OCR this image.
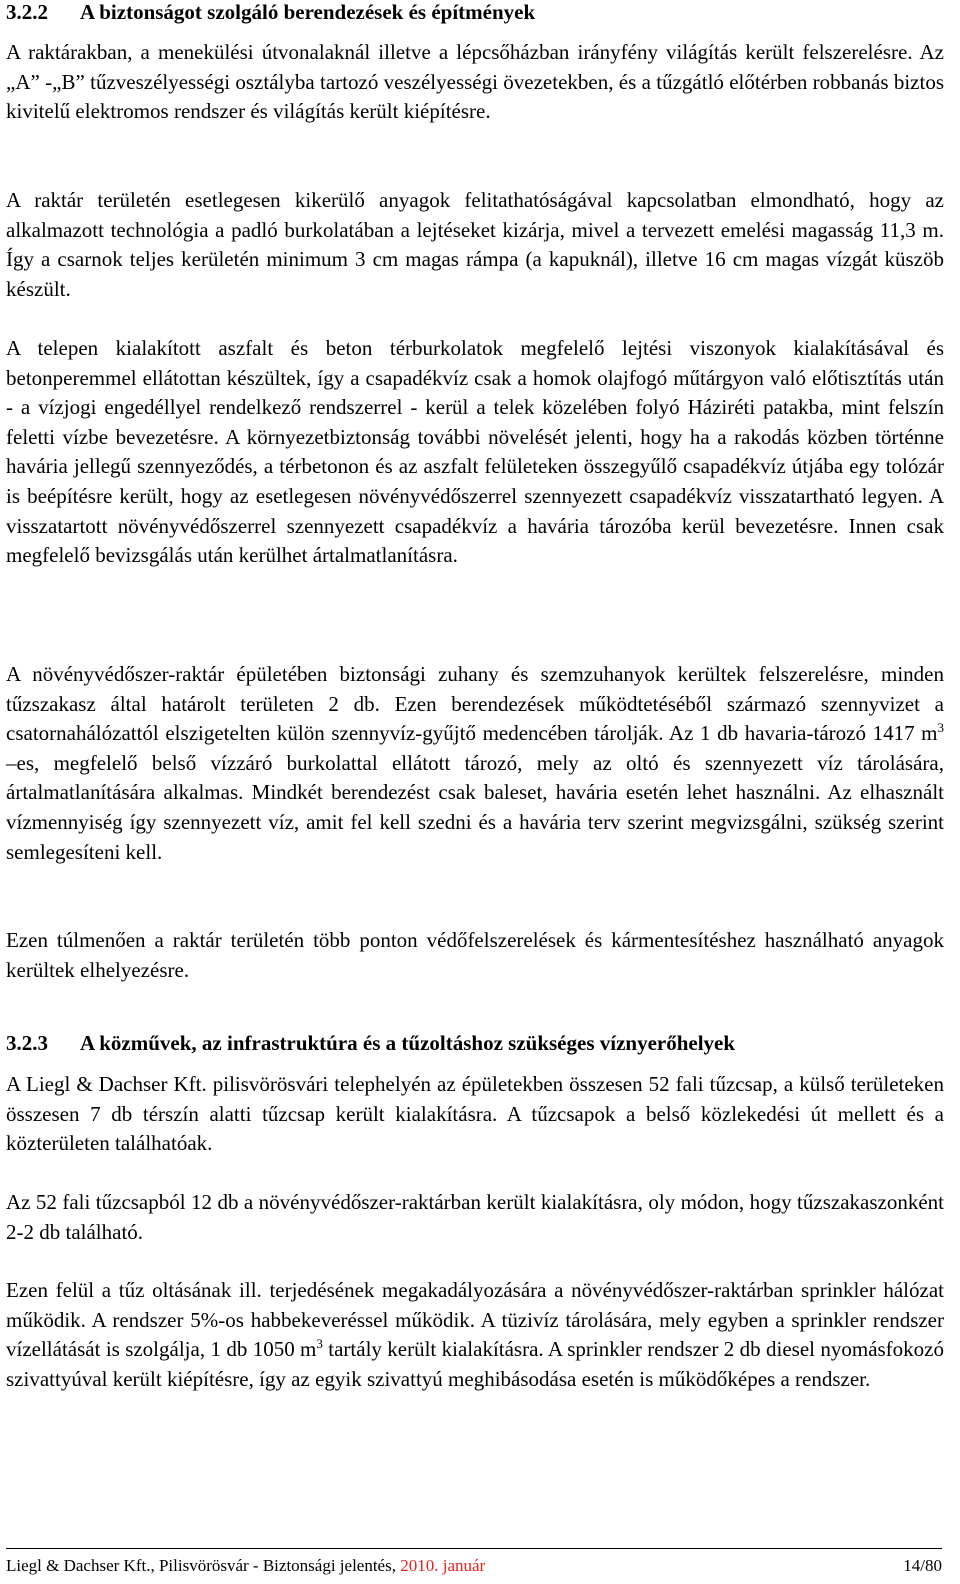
3.2.2 A biztonságot szolgáló berendezések és építmények

A raktárakban, a menekülési útvonalaknál illetve a lépcsőházban irányfény világítás került felszerelésre. Az „A” -„B” tűzveszélyességi osztályba tartozó veszélyességi övezetekben, és a tűzgátló előtérben robbanás biztos kivitelű elektromos rendszer és világítás került kiépítésre.

A raktár területén esetlegesen kikerülő anyagok felitathatóságával kapcsolatban elmondható, hogy az alkalmazott technológia a padló burkolatában a lejtéseket kizárja, mivel a tervezett emelési magasság 11,3 m. Így a csarnok teljes kerületén minimum 3 cm magas rámpa (a kapuknál), illetve 16 cm magas vízgát küszöb készült.

A telepen kialakított aszfalt és beton térburkolatok megfelelő lejtési viszonyok kialakításával és betonperemmel ellátottan készültek, így a csapadékvíz csak a homok olajfogó műtárgyon való előtisztítás után - a vízjogi engedéllyel rendelkező rendszerrel - kerül a telek közelében folyó Háziréti patakba, mint felszín feletti vízbe bevezetésre. A környezetbiztonság további növelését jelenti, hogy ha a rakodás közben történne havária jellegű szennyeződés, a térbetonon és az aszfalt felületeken összegyűlő csapadékvíz útjába egy tolózár is beépítésre került, hogy az esetlegesen növényvédőszerrel szennyezett csapadékvíz visszatartható legyen. A visszatartott növényvédőszerrel szennyezett csapadékvíz a havária tározóba kerül bevezetésre. Innen csak megfelelő bevizsgálás után kerülhet ártalmatlanításra.

A növényvédőszer-raktár épületében biztonsági zuhany és szemzuhanyok kerültek felszerelésre, minden tűzszakasz által határolt területen 2 db. Ezen berendezések működtetéséből származó szennyvizet a csatornahálózattól elszigetelten külön szennyvíz-gyűjtő medencében tárolják. Az 1 db havaria-tározó 1417 $m^3$ –es, megfelelő belső vízzáró burkolattal ellátott tározó, mely az oltó és szennyezett víz tárolására, ártalmatlanítására alkalmas. Mindkét berendezést csak baleset, havária esetén lehet használni. Az elhasznált vízmennyiség így szennyezett víz, amit fel kell szedni és a havária terv szerint megvizsgálni, szükség szerint semlegesíteni kell.

Ezen túlmenően a raktár területén több ponton védőfelszerelések és kármentesítéshez használható anyagok kerültek elhelyezésre.

3.2.3 A közművek, az infrastruktúra és a tűzoltáshoz szükséges víznyerőhelyek

A Liegl & Dachser Kft. pilisvörösvári telephelyén az épületekben összesen 52 fali tűzcsap, a külső területeken összesen 7 db térszín alatti tűzcsap került kialakításra. A tűzcsapok a belső közlekedési út mellett és a közterületen találhatóak.

Az 52 fali tűzcsapból 12 db a növényvédőszer-raktárban került kialakításra, oly módon, hogy tűzszakaszonként 2-2 db található.

Ezen felül a tűz oltásának ill. terjedésének megakadályozására a növényvédőszer-raktárban sprinkler hálózat működik. A rendszer 5%-os habbekeveréssel működik. A tüzivíz tárolására, mely egyben a sprinkler rendszer vízellátását is szolgálja, 1 db 1050 $m^3$ tartály került kialakításra. A sprinkler rendszer 2 db diesel nyomásfokozó szivattyúval került kiépítésre, így az egyik szivattyú meghibásodása esetén is működőképes a rendszer.

Liegl & Dachser Kft., Pilisvörösvár - Biztonsági jelentés, 2010. január	14/80
